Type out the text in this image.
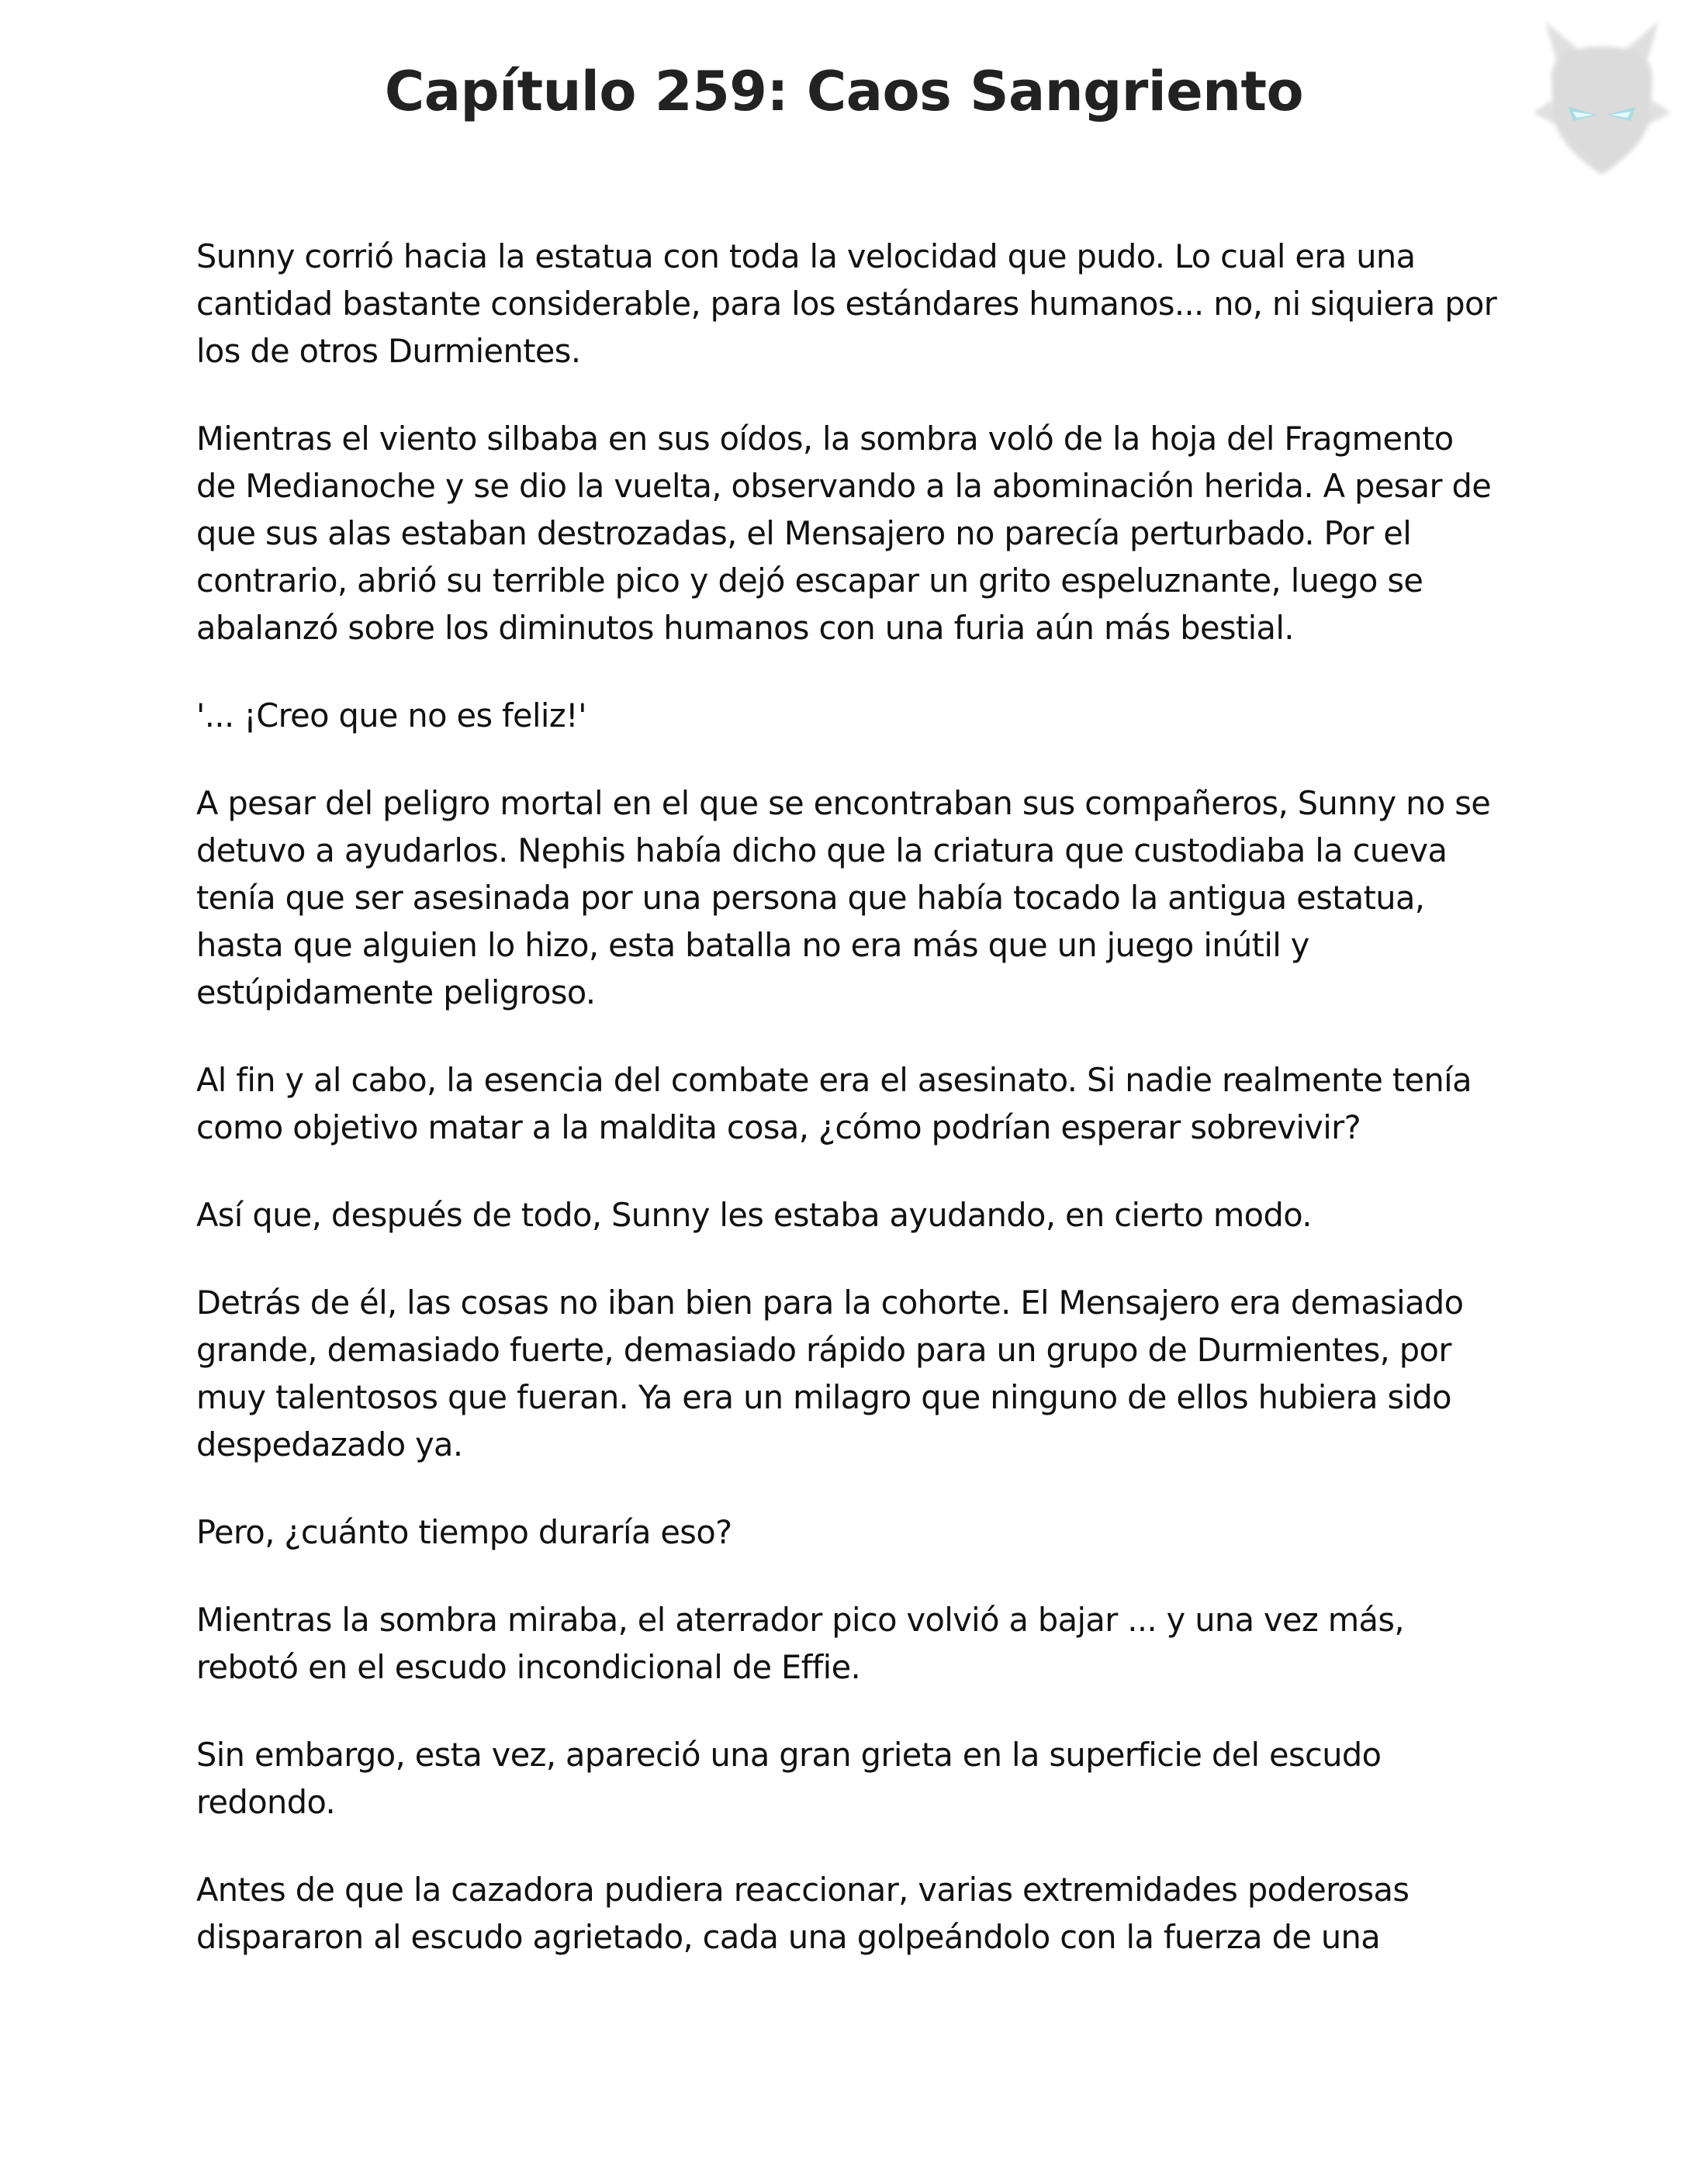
Capítulo 259: Caos Sangriento

Sunny corrió hacia la estatua con toda la velocidad que pudo. Lo cual era una cantidad bastante considerable, para los estándares humanos... no, ni siquiera por los de otros Durmientes.

Mientras el viento silbaba en sus oídos, la sombra voló de la hoja del Fragmento de Medianoche y se dio la vuelta, observando a la abominación herida. A pesar de que sus alas estaban destrozadas, el Mensajero no parecía perturbado. Por el contrario, abrió su terrible pico y dejó escapar un grito espeluznante, luego se abalanzó sobre los diminutos humanos con una furia aún más bestial.

'... ¡Creo que no es feliz!'

A pesar del peligro mortal en el que se encontraban sus compañeros, Sunny no se detuvo a ayudarlos. Nephis había dicho que la criatura que custodiaba la cueva tenía que ser asesinada por una persona que había tocado la antigua estatua, hasta que alguien lo hizo, esta batalla no era más que un juego inútil y estúpidamente peligroso.

Al fin y al cabo, la esencia del combate era el asesinato. Si nadie realmente tenía como objetivo matar a la maldita cosa, ¿cómo podrían esperar sobrevivir?

Así que, después de todo, Sunny les estaba ayudando, en cierto modo.

Detrás de él, las cosas no iban bien para la cohorte. El Mensajero era demasiado grande, demasiado fuerte, demasiado rápido para un grupo de Durmientes, por muy talentosos que fueran. Ya era un milagro que ninguno de ellos hubiera sido despedazado ya.

Pero, ¿cuánto tiempo duraría eso?

Mientras la sombra miraba, el aterrador pico volvió a bajar ... y una vez más, rebotó en el escudo incondicional de Effie.

Sin embargo, esta vez, apareció una gran grieta en la superficie del escudo redondo.

Antes de que la cazadora pudiera reaccionar, varias extremidades poderosas dispararon al escudo agrietado, cada una golpeándolo con la fuerza de una
